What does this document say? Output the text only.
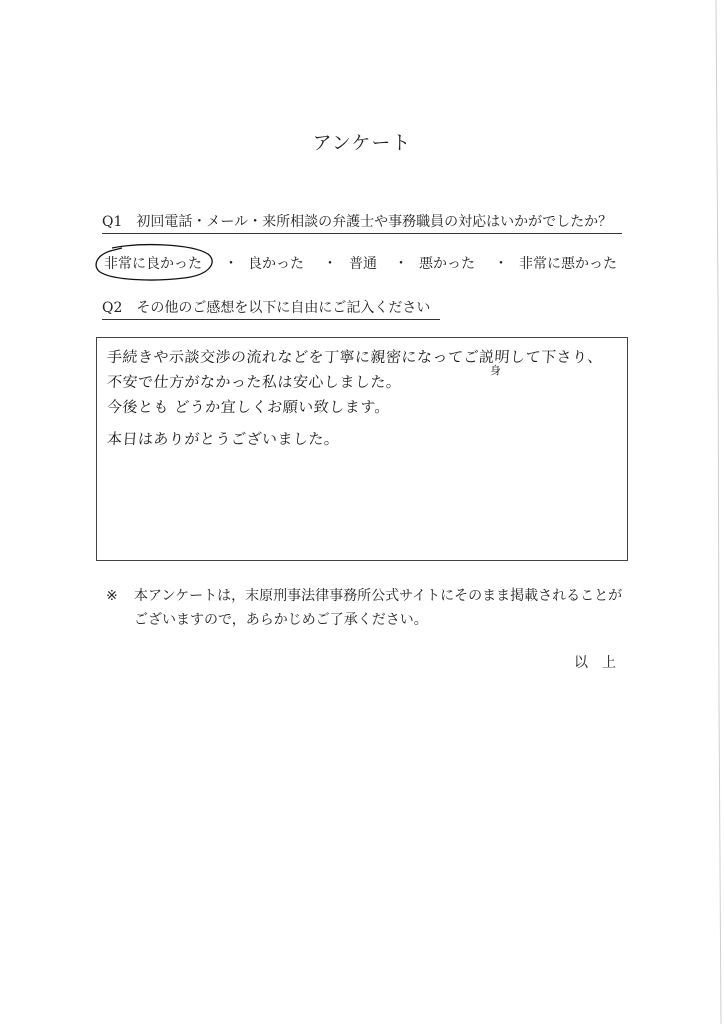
アンケート
Q1 初回電話・メール・来所相談の弁護士や事務職員の対応はいかがでしたか？
非常に良かった ・ 良かった ・ 普通 ・ 悪かった ・ 非常に悪かった
Q2 その他のご感想を以下に自由にご記入ください
手続きや示談交渉の流れなどを丁寧に親密になってご説明して下さり、
身
不安で仕方がなかった私は安心しました。
今後とも どうか宜しくお願い致します。
本日はありがとうございました。
※ 本アンケートは，末原刑事法律事務所公式サイトにそのまま掲載されることがございますので，あらかじめご了承ください。
以上
